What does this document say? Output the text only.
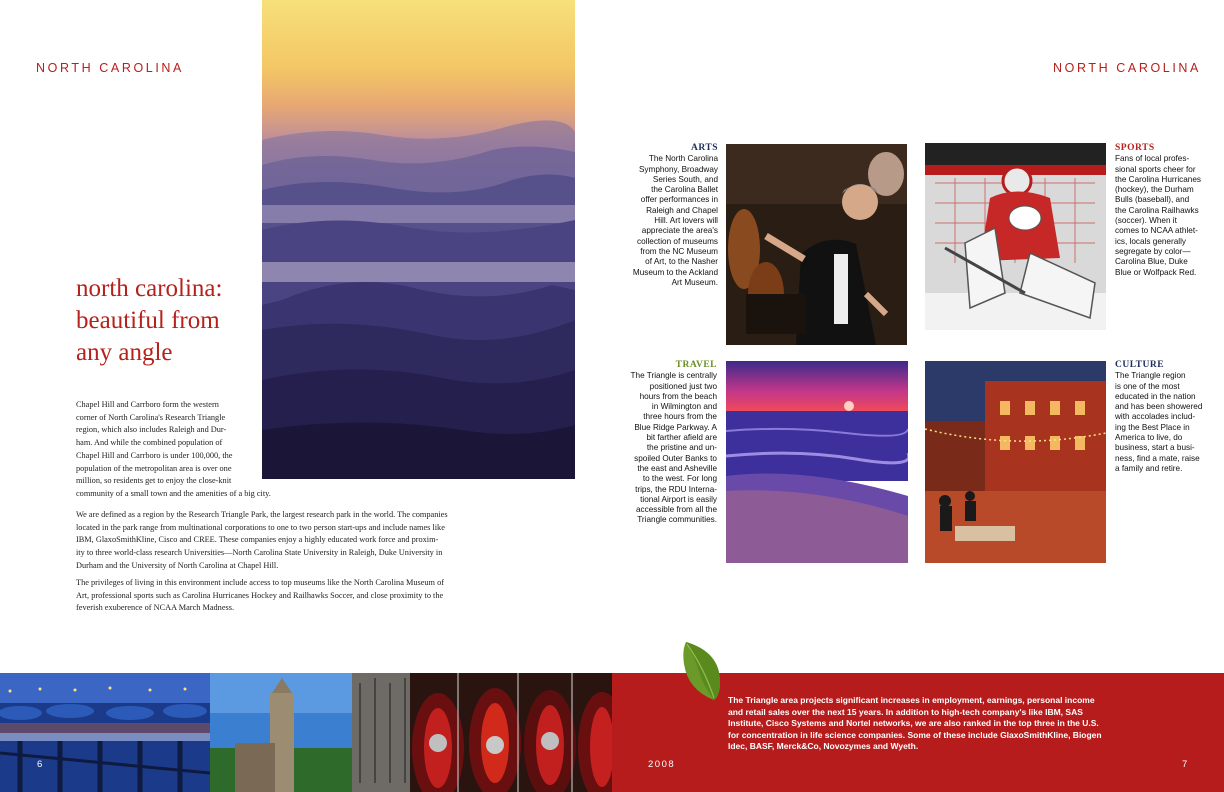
NORTH CAROLINA	NORTH CAROLINA
north carolina:
beautiful from
any angle
Chapel Hill and Carrboro form the western
corner of North Carolina's Research Triangle
region, which also includes Raleigh and Dur-
ham. And while the combined population of
Chapel Hill and Carrboro is under 100,000, the
population of the metropolitan area is over one
million, so residents get to enjoy the close-knit
community of a small town and the amenities of a big city.
We are defined as a region by the Research Triangle Park, the largest research park in the world. The companies
located in the park range from multinational corporations to one to two person start-ups and include names like
IBM, GlaxoSmithKline, Cisco and CREE. These companies enjoy a highly educated work force and proxim-
ity to three world-class research Universities—North Carolina State University in Raleigh, Duke University in
Durham and the University of North Carolina at Chapel Hill.
The privileges of living in this environment include access to top museums like the North Carolina Museum of
Art, professional sports such as Carolina Hurricanes Hockey and Railhawks Soccer, and close proximity to the
feverish exuberence of NCAA March Madness.
ARTS
The North Carolina
Symphony, Broadway
Series South, and
the Carolina Ballet
offer performances in
Raleigh and Chapel
Hill. Art lovers will
appreciate the area's
collection of museums
from the NC Museum
of Art, to the Nasher
Museum to the Ackland
Art Museum.
SPORTS
Fans of local profes-
sional sports cheer for
the Carolina Hurricanes
(hockey), the Durham
Bulls (baseball), and
the Carolina Railhawks
(soccer). When it
comes to NCAA athlet-
ics, locals generally
segregate by color—
Carolina Blue, Duke
Blue or Wolfpack Red.
TRAVEL
The Triangle is centrally
positioned just two
hours from the beach
in Wilmington and
three hours from the
Blue Ridge Parkway. A
bit farther afield are
the pristine and un-
spoiled Outer Banks to
the east and Asheville
to the west. For long
trips, the RDU Interna-
tional Airport is easily
accessible from all the
Triangle communities.
CULTURE
The Triangle region
is one of the most
educated in the nation
and has been showered
with accolades includ-
ing the Best Place in
America to live, do
business, start a busi-
ness, find a mate, raise
a family and retire.
The Triangle area projects significant increases in employment, earnings, personal income
and retail sales over the next 15 years. In addition to high-tech company's like IBM, SAS
Institute, Cisco Systems and Nortel networks, we are also ranked in the top three in the U.S.
for concentration in life science companies. Some of these include GlaxoSmithKline, Biogen
Idec, BASF, Merck&Co, Novozymes and Wyeth.
6	2008	7
